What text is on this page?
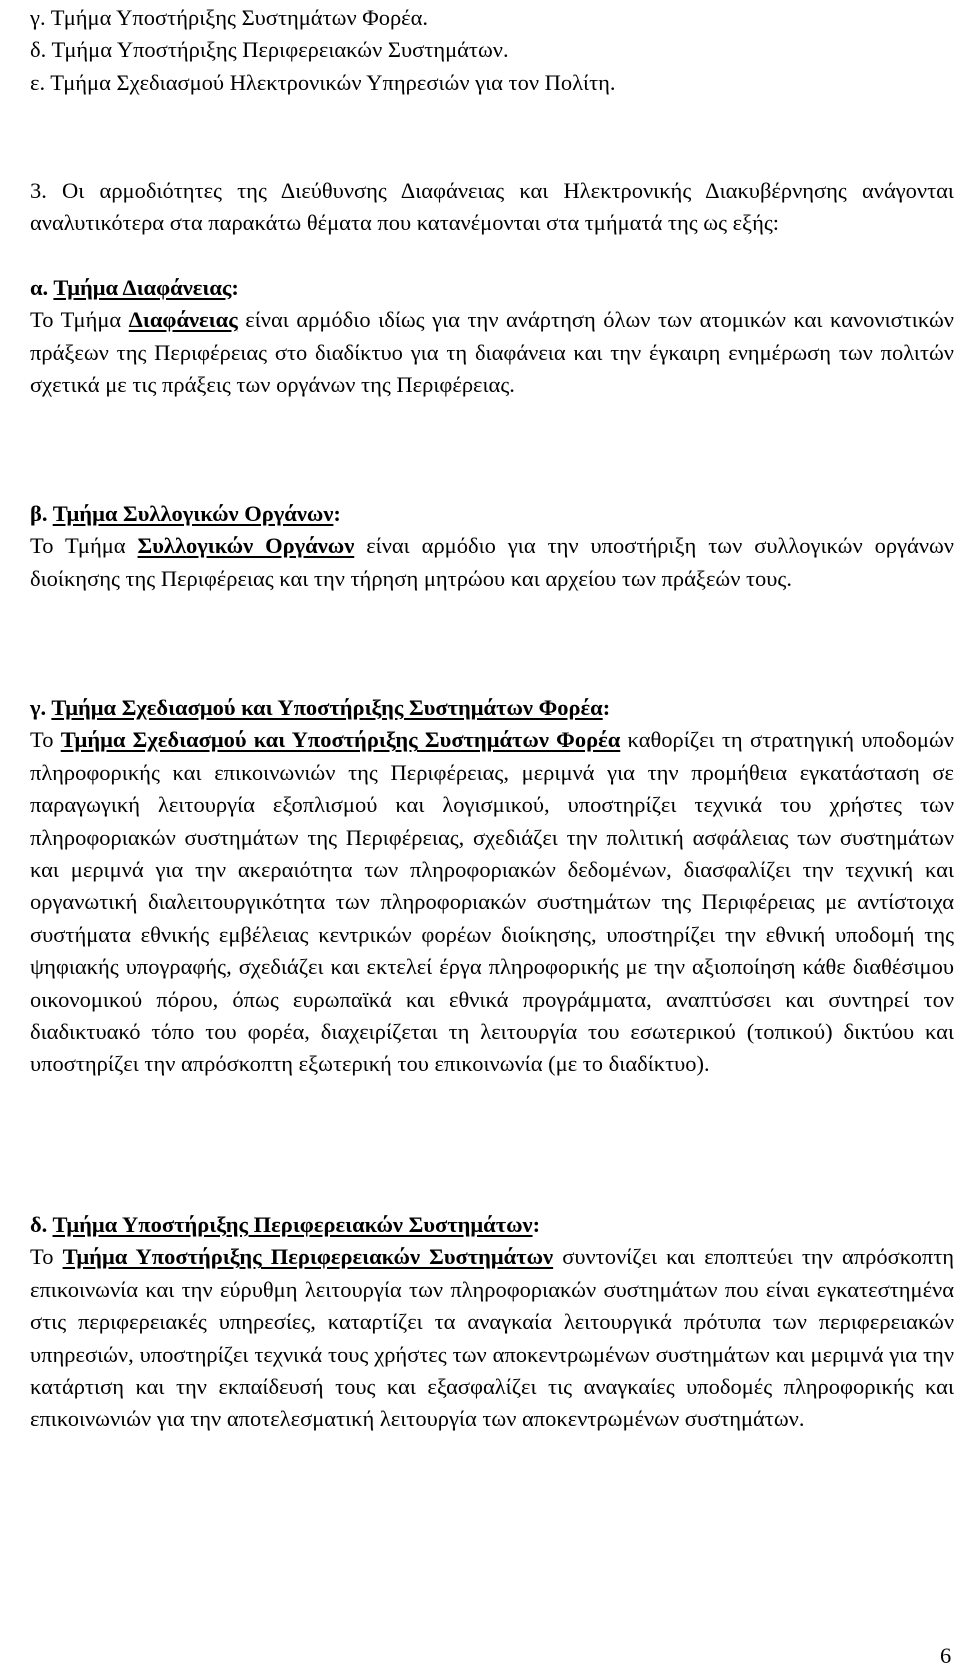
γ. Τμήμα Υποστήριξης Συστημάτων Φορέα.
δ. Τμήμα Υποστήριξης Περιφερειακών Συστημάτων.
ε. Τμήμα Σχεδιασμού Ηλεκτρονικών Υπηρεσιών για τον Πολίτη.

3. Οι αρμοδιότητες της Διεύθυνσης Διαφάνειας και Ηλεκτρονικής Διακυβέρνησης ανάγονται αναλυτικότερα στα παρακάτω θέματα που κατανέμονται στα τμήματά της ως εξής:

α. Τμήμα Διαφάνειας:

Το Τμήμα Διαφάνειας είναι αρμόδιο ιδίως για την ανάρτηση όλων των ατομικών και κανονιστικών πράξεων της Περιφέρειας στο διαδίκτυο για τη διαφάνεια και την έγκαιρη ενημέρωση των πολιτών σχετικά με τις πράξεις των οργάνων της Περιφέρειας.

β. Τμήμα Συλλογικών Οργάνων:

Το Τμήμα Συλλογικών Οργάνων είναι αρμόδιο για την υποστήριξη των συλλογικών οργάνων διοίκησης της Περιφέρειας και την τήρηση μητρώου και αρχείου των πράξεών τους.

γ. Τμήμα Σχεδιασμού και Υποστήριξης Συστημάτων Φορέα:

Το Τμήμα Σχεδιασμού και Υποστήριξης Συστημάτων Φορέα καθορίζει τη στρατηγική υποδομών πληροφορικής και επικοινωνιών της Περιφέρειας, μεριμνά για την προμήθεια εγκατάσταση σε παραγωγική λειτουργία εξοπλισμού και λογισμικού, υποστηρίζει τεχνικά του χρήστες των πληροφοριακών συστημάτων της Περιφέρειας, σχεδιάζει την πολιτική ασφάλειας των συστημάτων και μεριμνά για την ακεραιότητα των πληροφοριακών δεδομένων, διασφαλίζει την τεχνική και οργανωτική διαλειτουργικότητα των πληροφοριακών συστημάτων της Περιφέρειας με αντίστοιχα συστήματα εθνικής εμβέλειας κεντρικών φορέων διοίκησης, υποστηρίζει την εθνική υποδομή της ψηφιακής υπογραφής, σχεδιάζει και εκτελεί έργα πληροφορικής με την αξιοποίηση κάθε διαθέσιμου οικονομικού πόρου, όπως ευρωπαϊκά και εθνικά προγράμματα, αναπτύσσει και συντηρεί τον διαδικτυακό τόπο του φορέα, διαχειρίζεται τη λειτουργία του εσωτερικού (τοπικού) δικτύου και υποστηρίζει την απρόσκοπτη εξωτερική του επικοινωνία (με το διαδίκτυο).

δ. Τμήμα Υποστήριξης Περιφερειακών Συστημάτων:

Το Τμήμα Υποστήριξης Περιφερειακών Συστημάτων συντονίζει και εποπτεύει την απρόσκοπτη επικοινωνία και την εύρυθμη λειτουργία των πληροφοριακών συστημάτων που είναι εγκατεστημένα στις περιφερειακές υπηρεσίες, καταρτίζει τα αναγκαία λειτουργικά πρότυπα των περιφερειακών υπηρεσιών, υποστηρίζει τεχνικά τους χρήστες των αποκεντρωμένων συστημάτων και μεριμνά για την κατάρτιση και την εκπαίδευσή τους και εξασφαλίζει τις αναγκαίες υποδομές πληροφορικής και επικοινωνιών για την αποτελεσματική λειτουργία των αποκεντρωμένων συστημάτων.

6
